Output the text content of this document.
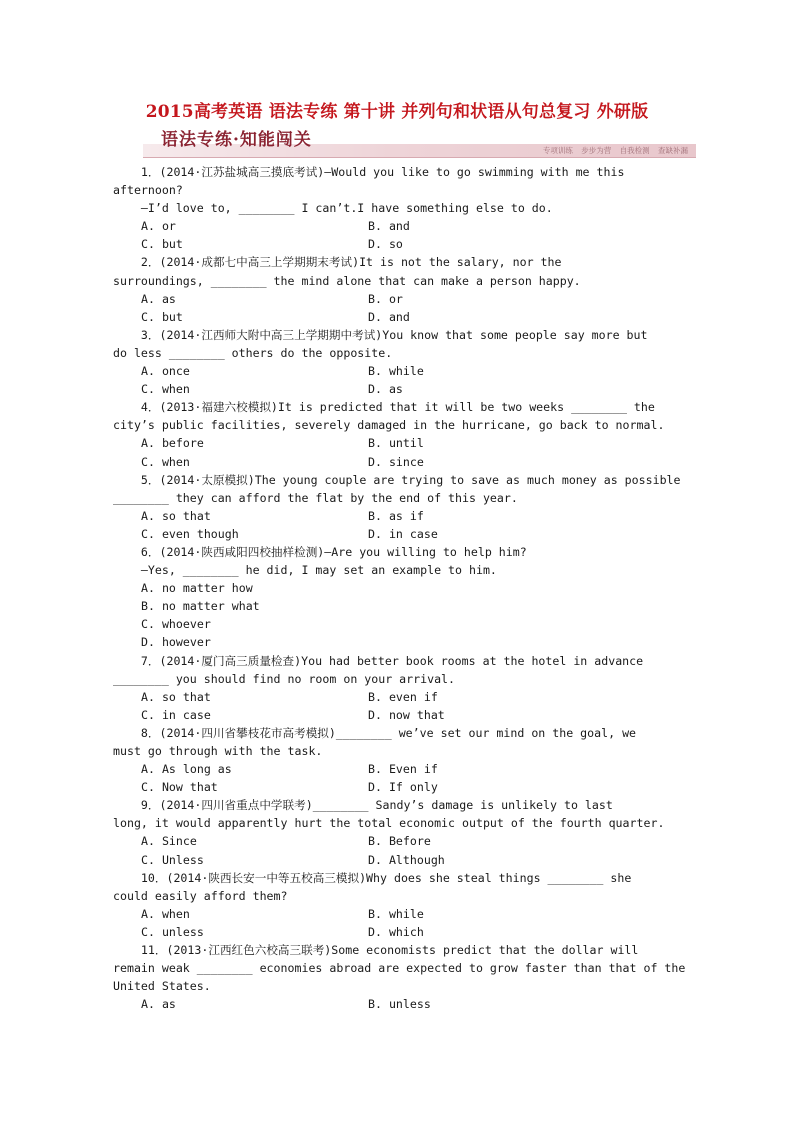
2015高考英语 语法专练 第十讲 并列句和状语从句总复习 外研版
语法专练·知能闯关
专项训练 步步为营 自我检测 查缺补漏
1．(2014·江苏盐城高三摸底考试)—Would you like to go swimming with me this
afternoon?
—I’d love to, ________ I can’t.I have something else to do.
A. or	B. and
C. but	D. so
2．(2014·成都七中高三上学期期末考试)It is not the salary, nor the
surroundings, ________ the mind alone that can make a person happy.
A. as	B. or
C. but	D. and
3．(2014·江西师大附中高三上学期期中考试)You know that some people say more but
do less ________ others do the opposite.
A. once	B. while
C. when	D. as
4．(2013·福建六校模拟)It is predicted that it will be two weeks ________ the
city’s public facilities, severely damaged in the hurricane, go back to normal.
A. before	B. until
C. when	D. since
5．(2014·太原模拟)The young couple are trying to save as much money as possible
________ they can afford the flat by the end of this year.
A. so that	B. as if
C. even though	D. in case
6．(2014·陕西咸阳四校抽样检测)—Are you willing to help him?
—Yes, ________ he did, I may set an example to him.
A. no matter how
B. no matter what
C. whoever
D. however
7．(2014·厦门高三质量检查)You had better book rooms at the hotel in advance
________ you should find no room on your arrival.
A. so that	B. even if
C. in case	D. now that
8．(2014·四川省攀枝花市高考模拟)________ we’ve set our mind on the goal, we
must go through with the task.
A. As long as	B. Even if
C. Now that	D. If only
9．(2014·四川省重点中学联考)________ Sandy’s damage is unlikely to last
long, it would apparently hurt the total economic output of the fourth quarter.
A. Since	B. Before
C. Unless	D. Although
10．(2014·陕西长安一中等五校高三模拟)Why does she steal things ________ she
could easily afford them?
A. when	B. while
C. unless	D. which
11．(2013·江西红色六校高三联考)Some economists predict that the dollar will
remain weak ________ economies abroad are expected to grow faster than that of the
United States.
A. as	B. unless
